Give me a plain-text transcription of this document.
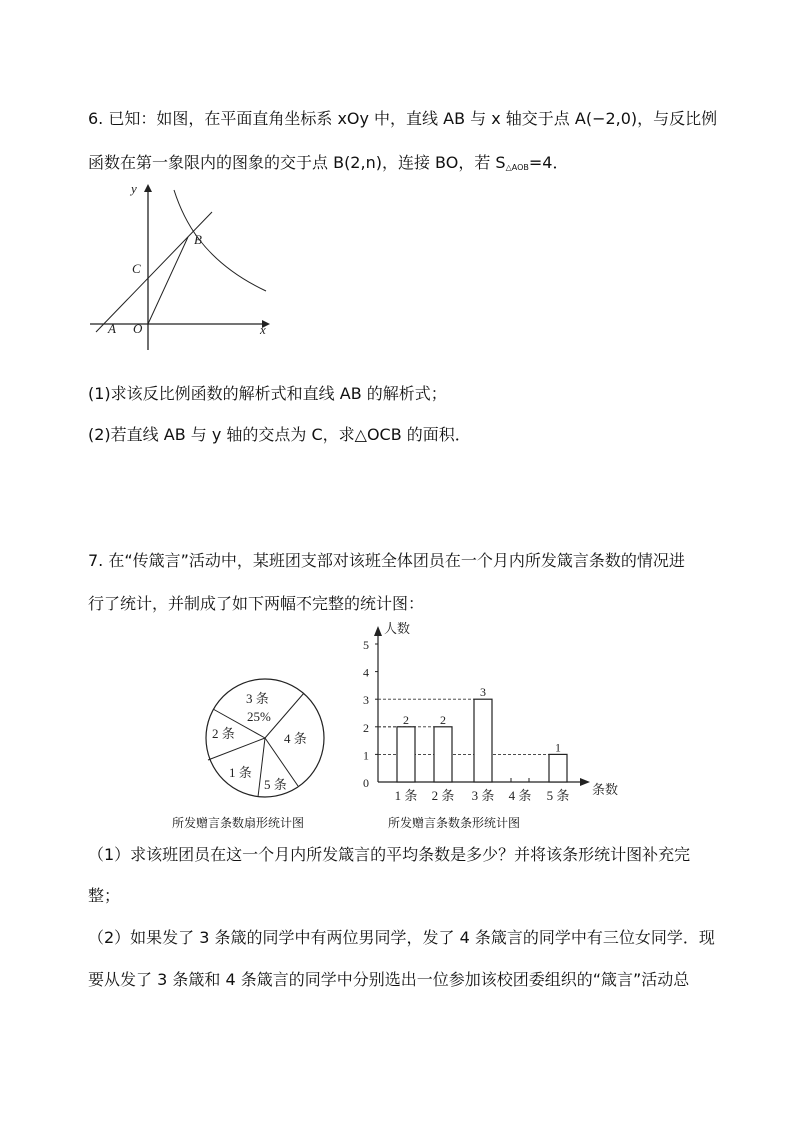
6. 已知：如图，在平面直角坐标系 xOy 中，直线 AB 与 x 轴交于点 A(−2,0)，与反比例
函数在第一象限内的图象的交于点 B(2,n)，连接 BO，若 $S_{\triangle AOB}=4$．
y
x
B
C
A O
(1)求该反比例函数的解析式和直线 AB 的解析式；
(2)若直线 AB 与 y 轴的交点为 C，求△OCB 的面积．
7. 在“传箴言”活动中，某班团支部对该班全体团员在一个月内所发箴言条数的情况进
行了统计，并制成了如下两幅不完整的统计图：
3 条
25%
2 条	4 条
1 条
5 条
所发赠言条数扇形统计图
人数
条数
0
1
2
3
4
5
1 条 2 条 3 条 4 条 5 条
2	2
3
1
所发赠言条数条形统计图
（1）求该班团员在这一个月内所发箴言的平均条数是多少？并将该条形统计图补充完
整；
（2）如果发了 3 条箴的同学中有两位男同学，发了 4 条箴言的同学中有三位女同学．现
要从发了 3 条箴和 4 条箴言的同学中分别选出一位参加该校团委组织的“箴言”活动总
